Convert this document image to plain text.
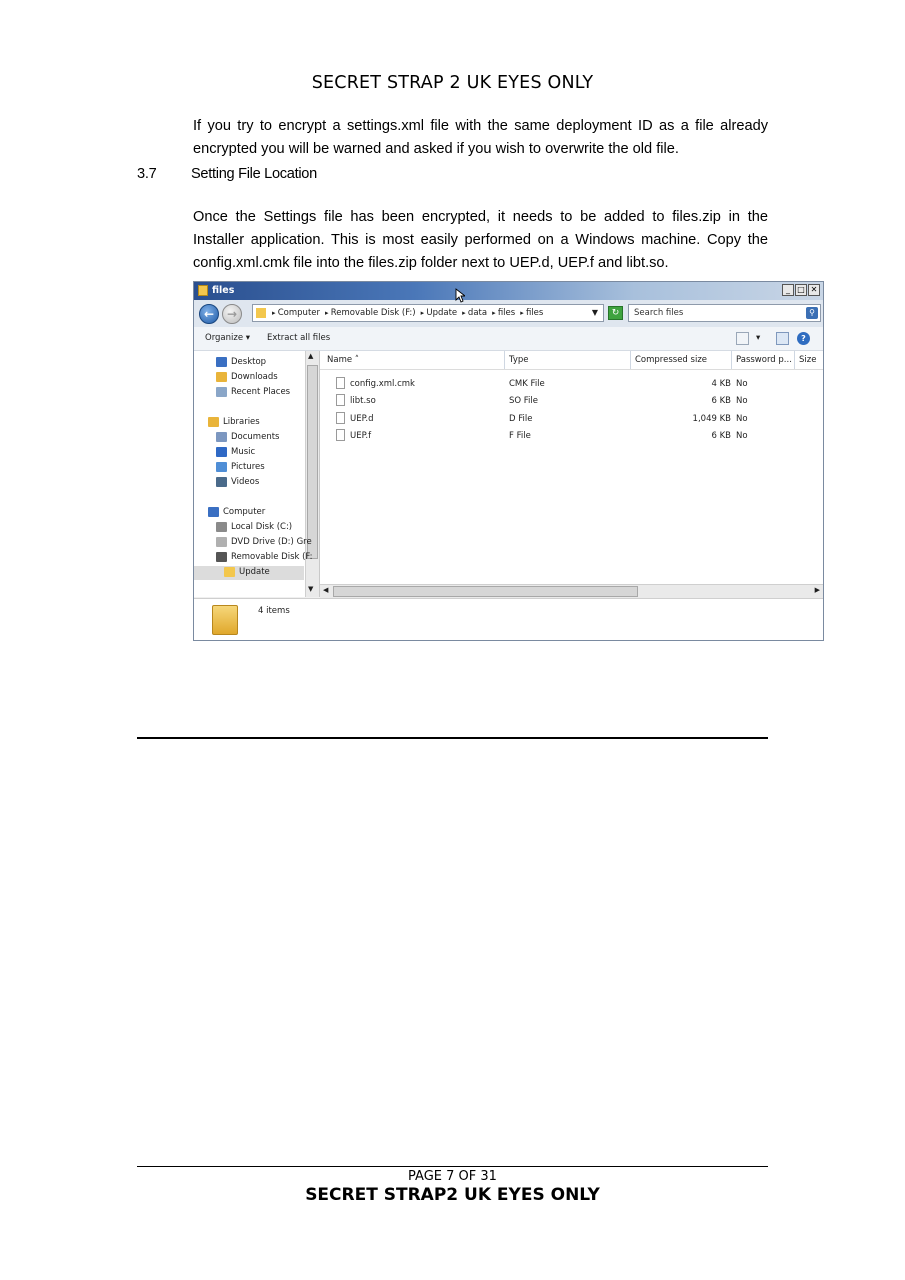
SECRET STRAP 2 UK EYES ONLY
If you try to encrypt a settings.xml file with the same deployment ID as a file already encrypted you will be warned and asked if you wish to overwrite the old file.
3.7 Setting File Location
Once the Settings file has been encrypted, it needs to be added to files.zip in the Installer application. This is most easily performed on a Windows machine. Copy the config.xml.cmk file into the files.zip folder next to UEP.d, UEP.f and libt.so.
files	_ □ ✕
←	→	▸ Computer ▸ Removable Disk (F:) ▸ Update ▸ data ▸ files ▸ files	▼	↻	Search files	⚲
Organize ▾ Extract all files	▾	?
▲
▼
Desktop
Downloads
Recent Places
Libraries
Documents
Music
Pictures
Videos
Computer
Local Disk (C:)
DVD Drive (D:) Gre
Removable Disk (F:
Update
Name ˄	Type	Compressed size	Password p... Size
config.xml.cmk	CMK File	4 KB No
libt.so	SO File	6 KB No
UEP.d	D File	1,049 KB No
UEP.f	F File	6 KB No
◀	▶
4 items
PAGE 7 OF 31
SECRET STRAP2 UK EYES ONLY
